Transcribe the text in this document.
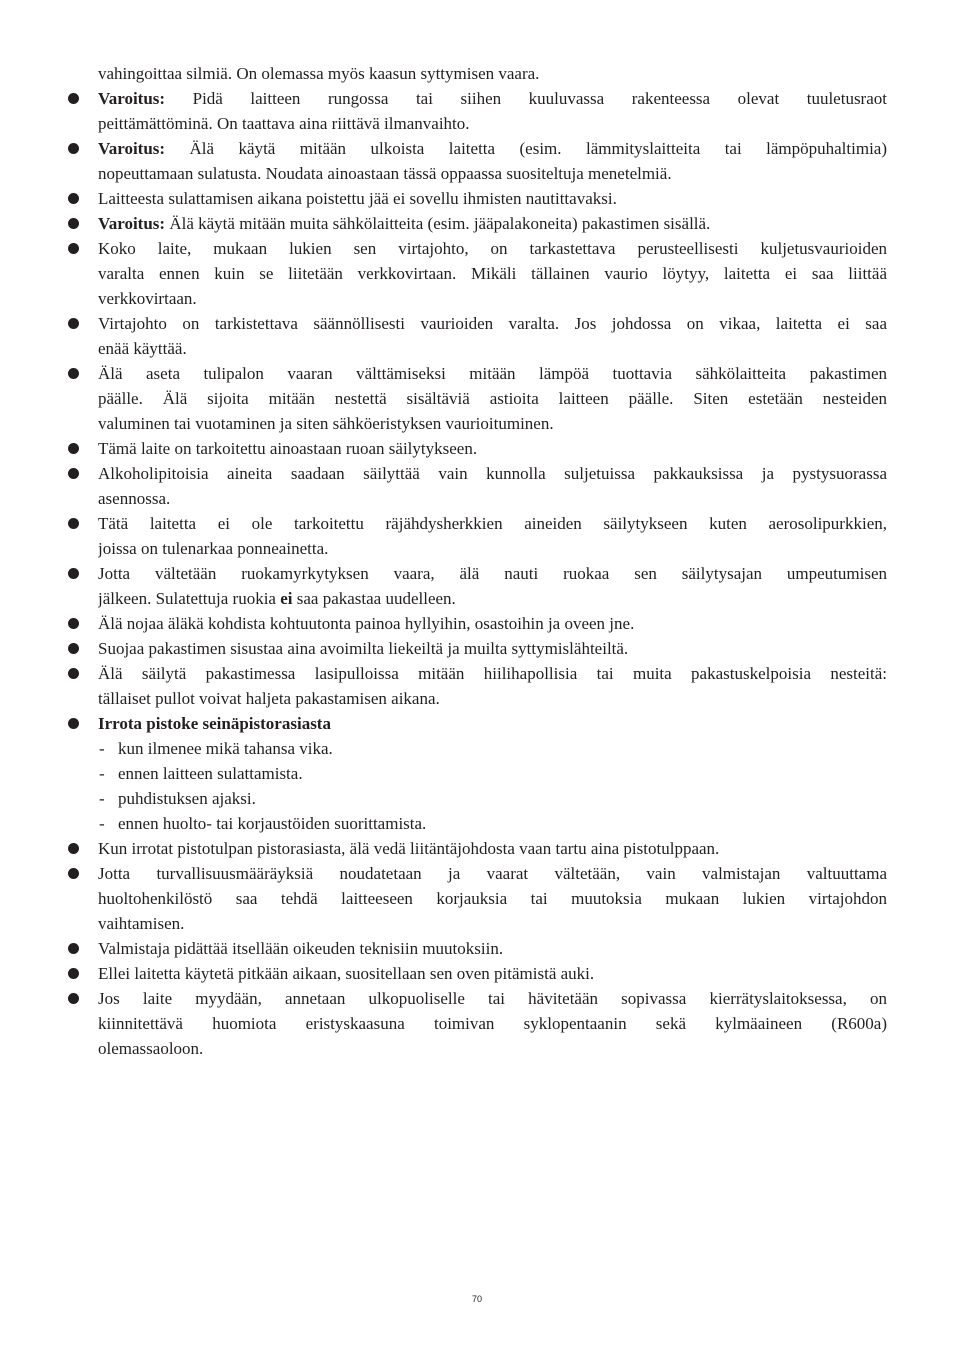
vahingoittaa silmiä. On olemassa myös kaasun syttymisen vaara.
Varoitus: Pidä laitteen rungossa tai siihen kuuluvassa rakenteessa olevat tuuletusraot
peittämättöminä. On taattava aina riittävä ilmanvaihto.
Varoitus: Älä käytä mitään ulkoista laitetta (esim. lämmityslaitteita tai lämpöpuhaltimia)
nopeuttamaan sulatusta. Noudata ainoastaan tässä oppaassa suositeltuja menetelmiä.
Laitteesta sulattamisen aikana poistettu jää ei sovellu ihmisten nautittavaksi.
Varoitus: Älä käytä mitään muita sähkölaitteita (esim. jääpalakoneita) pakastimen sisällä.
Koko laite, mukaan lukien sen virtajohto, on tarkastettava perusteellisesti kuljetusvaurioiden
varalta ennen kuin se liitetään verkkovirtaan. Mikäli tällainen vaurio löytyy, laitetta ei saa liittää
verkkovirtaan.
Virtajohto on tarkistettava säännöllisesti vaurioiden varalta. Jos johdossa on vikaa, laitetta ei saa
enää käyttää.
Älä aseta tulipalon vaaran välttämiseksi mitään lämpöä tuottavia sähkölaitteita pakastimen
päälle. Älä sijoita mitään nestettä sisältäviä astioita laitteen päälle. Siten estetään nesteiden
valuminen tai vuotaminen ja siten sähköeristyksen vaurioituminen.
Tämä laite on tarkoitettu ainoastaan ruoan säilytykseen.
Alkoholipitoisia aineita saadaan säilyttää vain kunnolla suljetuissa pakkauksissa ja pystysuorassa
asennossa.
Tätä laitetta ei ole tarkoitettu räjähdysherkkien aineiden säilytykseen kuten aerosolipurkkien,
joissa on tulenarkaa ponneainetta.
Jotta vältetään ruokamyrkytyksen vaara, älä nauti ruokaa sen säilytysajan umpeutumisen
jälkeen. Sulatettuja ruokia ei saa pakastaa uudelleen.
Älä nojaa äläkä kohdista kohtuutonta painoa hyllyihin, osastoihin ja oveen jne.
Suojaa pakastimen sisustaa aina avoimilta liekeiltä ja muilta syttymislähteiltä.
Älä säilytä pakastimessa lasipulloissa mitään hiilihapollisia tai muita pakastuskelpoisia nesteitä:
tällaiset pullot voivat haljeta pakastamisen aikana.
Irrota pistoke seinäpistorasiasta
- kun ilmenee mikä tahansa vika.
- ennen laitteen sulattamista.
- puhdistuksen ajaksi.
- ennen huolto- tai korjaustöiden suorittamista.
Kun irrotat pistotulpan pistorasiasta, älä vedä liitäntäjohdosta vaan tartu aina pistotulppaan.
Jotta turvallisuusmääräyksiä noudatetaan ja vaarat vältetään, vain valmistajan valtuuttama
huoltohenkilöstö saa tehdä laitteeseen korjauksia tai muutoksia mukaan lukien virtajohdon
vaihtamisen.
Valmistaja pidättää itsellään oikeuden teknisiin muutoksiin.
Ellei laitetta käytetä pitkään aikaan, suositellaan sen oven pitämistä auki.
Jos laite myydään, annetaan ulkopuoliselle tai hävitetään sopivassa kierrätyslaitoksessa, on
kiinnitettävä huomiota eristyskaasuna toimivan syklopentaanin sekä kylmäaineen (R600a)
olemassaoloon.
70
